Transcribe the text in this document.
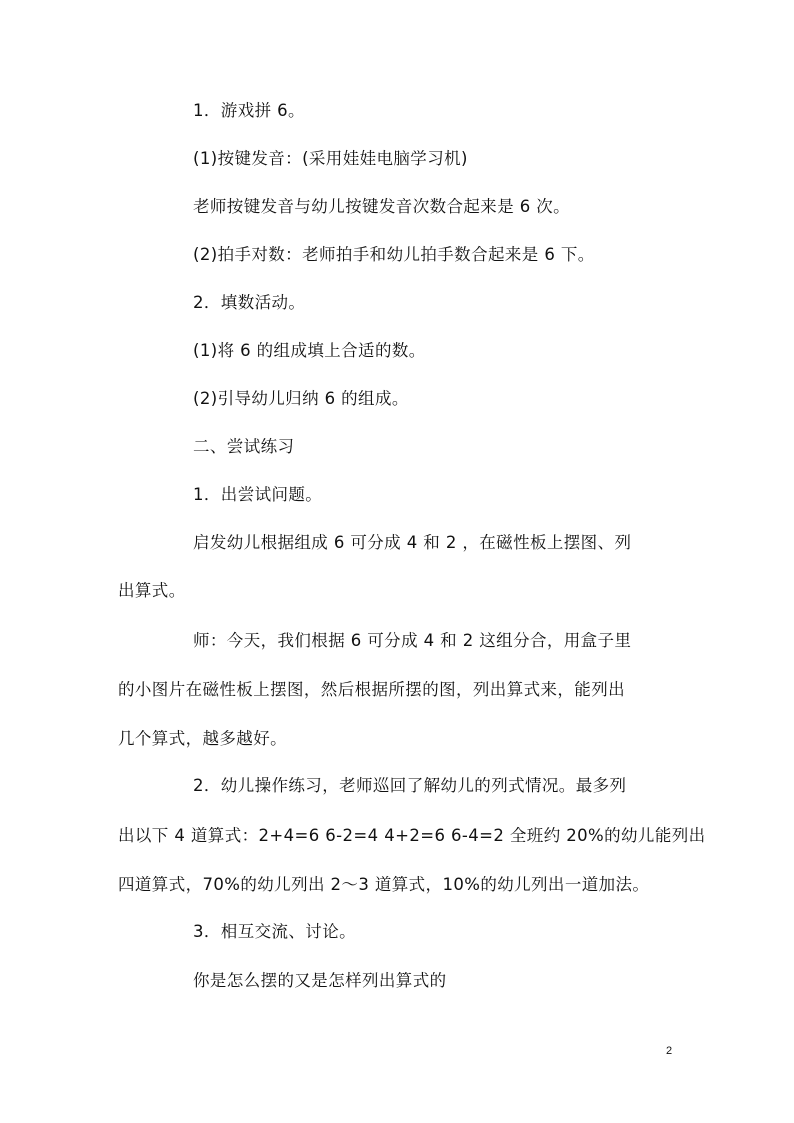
1．游戏拼 6。
(1)按键发音：(采用娃娃电脑学习机)
老师按键发音与幼儿按键发音次数合起来是 6 次。
(2)拍手对数：老师拍手和幼儿拍手数合起来是 6 下。
2．填数活动。
(1)将 6 的组成填上合适的数。
(2)引导幼儿归纳 6 的组成。
二、尝试练习
1．出尝试问题。
启发幼儿根据组成 6 可分成 4 和 2 ，在磁性板上摆图、列
出算式。
师：今天，我们根据 6 可分成 4 和 2 这组分合，用盒子里
的小图片在磁性板上摆图，然后根据所摆的图，列出算式来，能列出
几个算式，越多越好。
2．幼儿操作练习，老师巡回了解幼儿的列式情况。最多列
出以下 4 道算式：2+4=6 6-2=4 4+2=6 6-4=2 全班约 20%的幼儿能列出
四道算式，70%的幼儿列出 2～3 道算式，10%的幼儿列出一道加法。
3．相互交流、讨论。
你是怎么摆的又是怎样列出算式的
2
